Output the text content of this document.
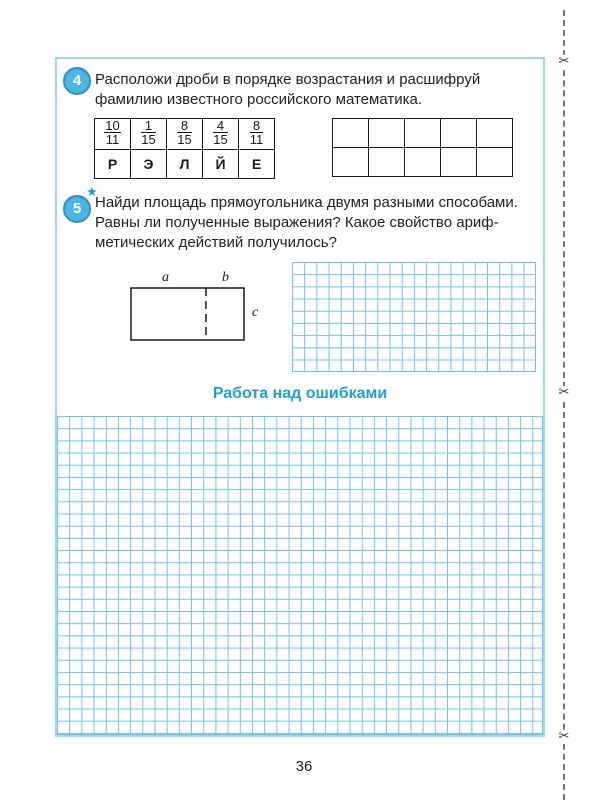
✂
✂
✂
4 Расположи дроби в порядке возрастания и расшифруй
фамилию известного российского математика.
$\frac{10}{11}$	$\frac{1}{15}$	$\frac{8}{15}$	$\frac{4}{15}$	$\frac{8}{11}$

Р	Э	Л	Й	Е

5
★
Найди площадь прямоугольника двумя разными способами.
Равны ли полученные выражения? Какое свойство ариф-
метических действий получилось?
a	b
c
Работа над ошибками
36
